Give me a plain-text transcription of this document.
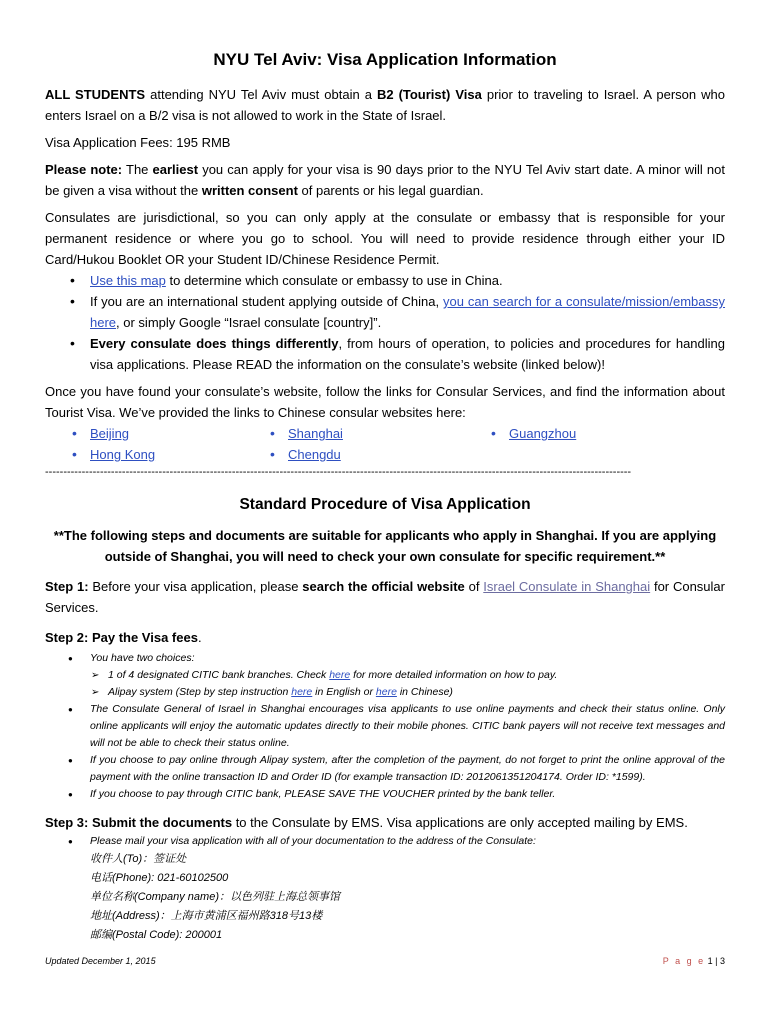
NYU Tel Aviv: Visa Application Information

ALL STUDENTS attending NYU Tel Aviv must obtain a B2 (Tourist) Visa prior to traveling to Israel. A person who enters Israel on a B/2 visa is not allowed to work in the State of Israel.

Visa Application Fees: 195 RMB

Please note: The earliest you can apply for your visa is 90 days prior to the NYU Tel Aviv start date. A minor will not be given a visa without the written consent of parents or his legal guardian.

Consulates are jurisdictional, so you can only apply at the consulate or embassy that is responsible for your permanent residence or where you go to school. You will need to provide residence through either your ID Card/Hukou Booklet OR your Student ID/Chinese Residence Permit.

• Use this map to determine which consulate or embassy to use in China.
• If you are an international student applying outside of China, you can search for a consulate/mission/embassy here, or simply Google “Israel consulate [country]”.
• Every consulate does things differently, from hours of operation, to policies and procedures for handling visa applications. Please READ the information on the consulate’s website (linked below)!

Once you have found your consulate’s website, follow the links for Consular Services, and find the information about Tourist Visa. We’ve provided the links to Chinese consular websites here:

• Beijing	• Shanghai	• Guangzhou
• Hong Kong	• Chengdu
----------------------------------------------------------------------------------------------------------------------------------------------------------------
Standard Procedure of Visa Application

**The following steps and documents are suitable for applicants who apply in Shanghai. If you are applying outside of Shanghai, you will need to check your own consulate for specific requirement.**

Step 1: Before your visa application, please search the official website of Israel Consulate in Shanghai for Consular Services.

Step 2: Pay the Visa fees.

● You have two choices:
➢ 1 of 4 designated CITIC bank branches. Check here for more detailed information on how to pay.
➢ Alipay system (Step by step instruction here in English or here in Chinese)
● The Consulate General of Israel in Shanghai encourages visa applicants to use online payments and check their status online. Only online applicants will enjoy the automatic updates directly to their mobile phones. CITIC bank payers will not receive text messages and will not be able to check their status online.
● If you choose to pay online through Alipay system, after the completion of the payment, do not forget to print the online approval of the payment with the online transaction ID and Order ID (for example transaction ID: 2012061351204174. Order ID: *1599).
● If you choose to pay through CITIC bank, PLEASE SAVE THE VOUCHER printed by the bank teller.

Step 3: Submit the documents to the Consulate by EMS. Visa applications are only accepted mailing by EMS.

● Please mail your visa application with all of your documentation to the address of the Consulate:
收件人(To)：签证处
电话(Phone): 021-60102500
单位名称(Company name)：以色列驻上海总领事馆
地址(Address)：上海市黄浦区福州路318号13楼
邮编(Postal Code): 200001
Updated December 1, 2015	P a g e 1 | 3
